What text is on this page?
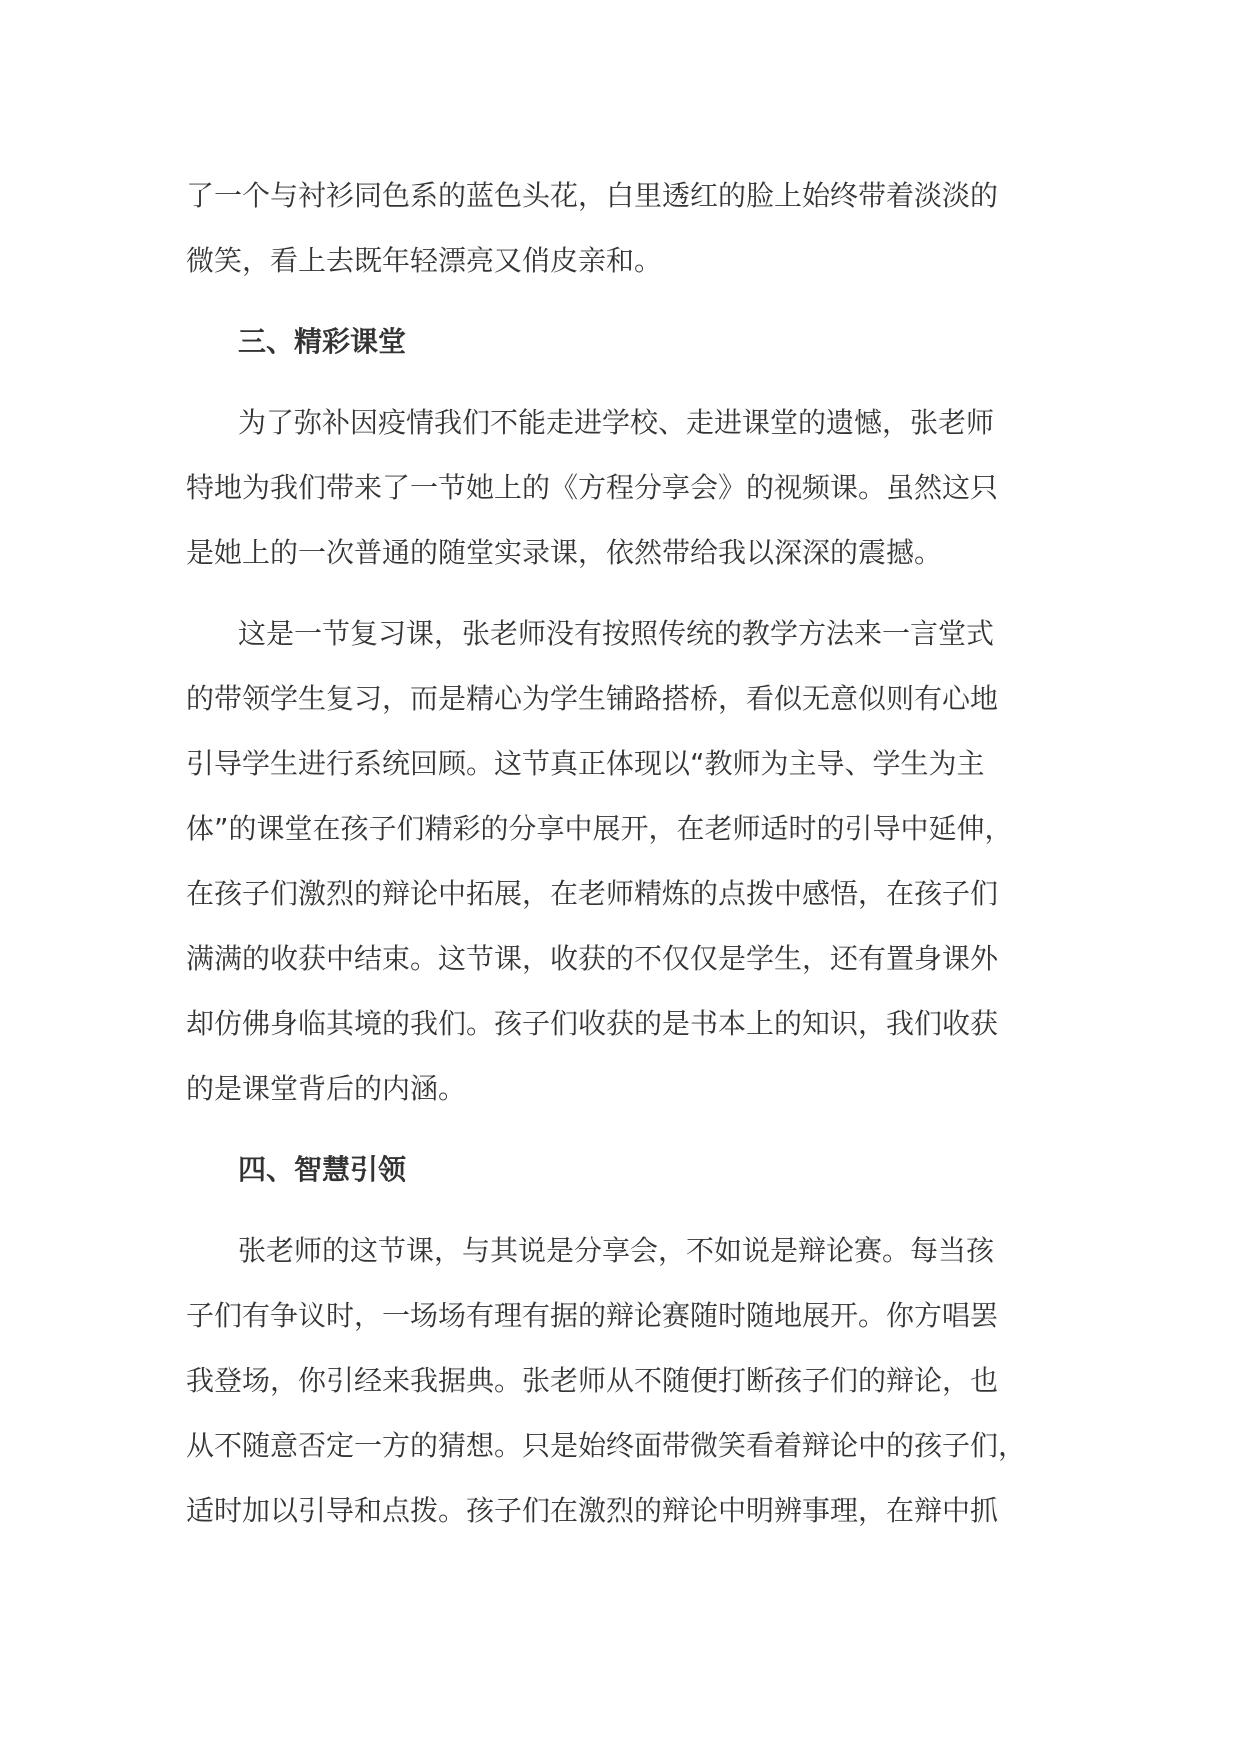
了一个与衬衫同色系的蓝色头花，白里透红的脸上始终带着淡淡的
微笑，看上去既年轻漂亮又俏皮亲和。
三、精彩课堂
为了弥补因疫情我们不能走进学校、走进课堂的遗憾，张老师
特地为我们带来了一节她上的《方程分享会》的视频课。虽然这只
是她上的一次普通的随堂实录课，依然带给我以深深的震撼。
这是一节复习课，张老师没有按照传统的教学方法来一言堂式
的带领学生复习，而是精心为学生铺路搭桥，看似无意似则有心地
引导学生进行系统回顾。这节真正体现以“教师为主导、学生为主
体”的课堂在孩子们精彩的分享中展开，在老师适时的引导中延伸，
在孩子们激烈的辩论中拓展，在老师精炼的点拨中感悟，在孩子们
满满的收获中结束。这节课，收获的不仅仅是学生，还有置身课外
却仿佛身临其境的我们。孩子们收获的是书本上的知识，我们收获
的是课堂背后的内涵。
四、智慧引领
张老师的这节课，与其说是分享会，不如说是辩论赛。每当孩
子们有争议时，一场场有理有据的辩论赛随时随地展开。你方唱罢
我登场，你引经来我据典。张老师从不随便打断孩子们的辩论，也
从不随意否定一方的猜想。只是始终面带微笑看着辩论中的孩子们，
适时加以引导和点拨。孩子们在激烈的辩论中明辨事理，在辩中抓
